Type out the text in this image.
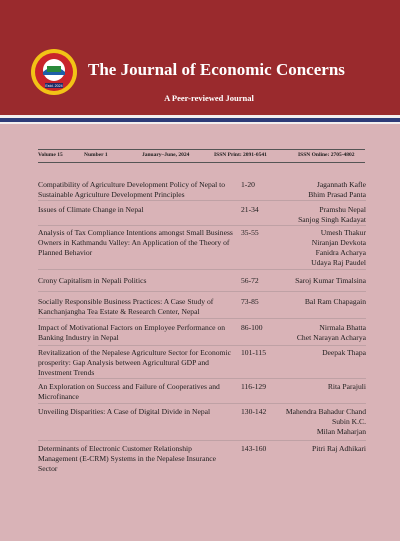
Estd. 2024
The Journal of Economic Concerns
A Peer-reviewed Journal
Volume 15	Number 1	January–June, 2024	ISSN Print: 2091-0541	ISSN Online: 2705-4802
Compatibility of Agriculture Development Policy of Nepal to Sustainable Agriculture Development Principles
1-20	Jagannath Kafle
Bhim Prasad Panta
Issues of Climate Change in Nepal	21-34	Pramshu Nepal
Sanjog Singh Kadayat
Analysis of Tax Compliance Intentions amongst Small Business Owners in Kathmandu Valley: An Application of the Theory of Planned Behavior
35-55	Umesh Thakur
Niranjan Devkota
Fanidra Acharya
Udaya Raj Paudel
Crony Capitalism in Nepali Politics	56-72	Saroj Kumar Timalsina
Socially Responsible Business Practices: A Case Study of Kanchanjangha Tea Estate & Research Center, Nepal
73-85	Bal Ram Chapagain
Impact of Motivational Factors on Employee Performance on Banking Industry in Nepal
86-100	Nirmala Bhatta
Chet Narayan Acharya
Revitalization of the Nepalese Agriculture Sector for Economic prosperity: Gap Analysis between Agricultural GDP and Investment Trends
101-115	Deepak Thapa
An Exploration on Success and Failure of Cooperatives and Microfinance
116-129	Rita Parajuli
Unveiling Disparities: A Case of Digital Divide in Nepal	130-142	Mahendra Bahadur Chand
Subin K.C.
Milan Maharjan
Determinants of Electronic Customer Relationship Management (E-CRM) Systems in the Nepalese Insurance Sector
143-160	Pitri Raj Adhikari
